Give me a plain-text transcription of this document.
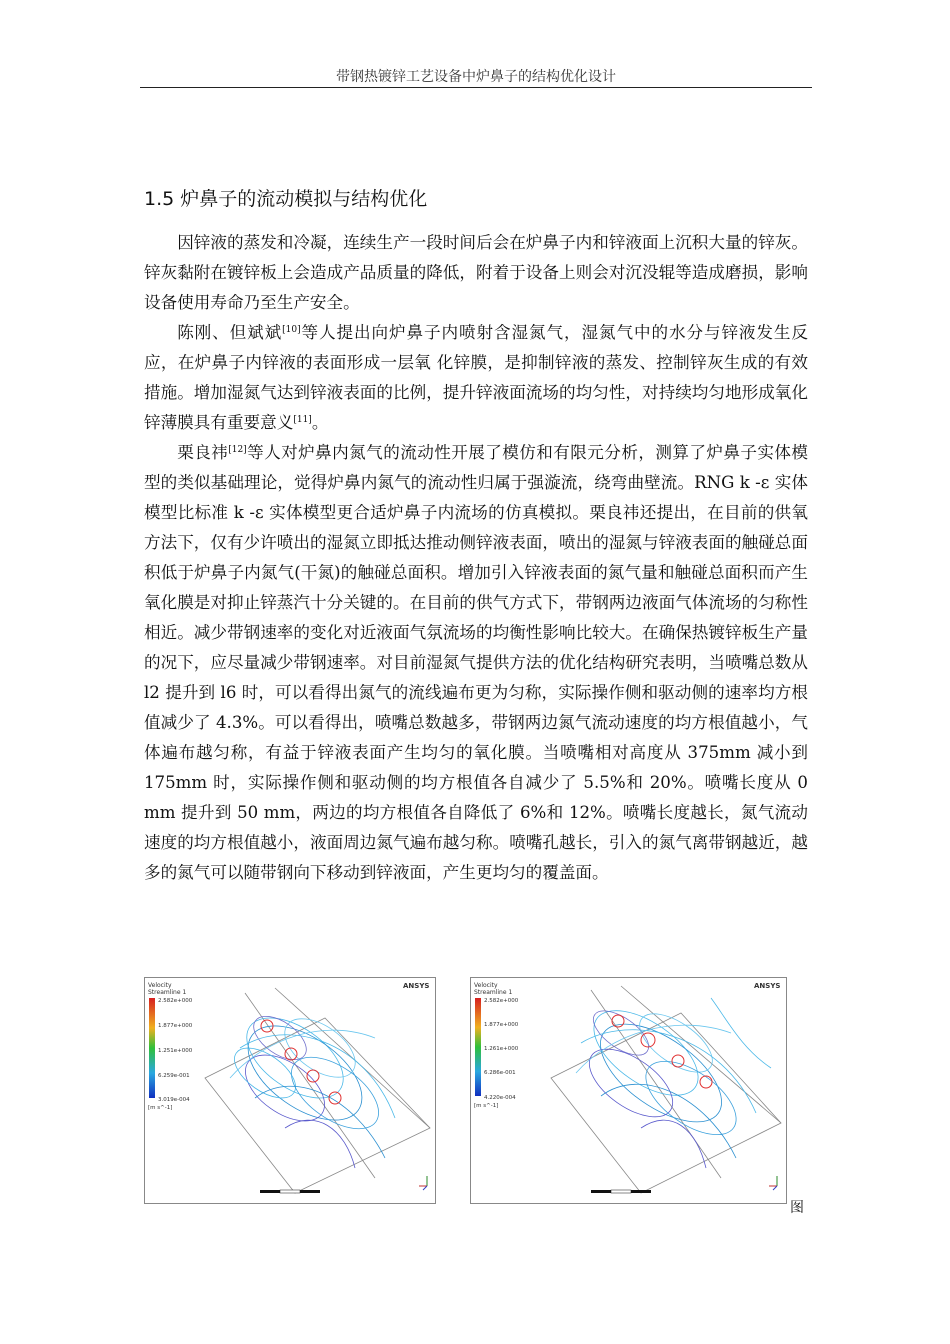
带钢热镀锌工艺设备中炉鼻子的结构优化设计
1.5 炉鼻子的流动模拟与结构优化

因锌液的蒸发和冷凝，连续生产一段时间后会在炉鼻子内和锌液面上沉积大量的锌灰。锌灰黏附在镀锌板上会造成产品质量的降低，附着于设备上则会对沉没辊等造成磨损，影响设备使用寿命乃至生产安全。

陈刚、但斌斌[10]等人提出向炉鼻子内喷射含湿氮气，湿氮气中的水分与锌液发生反应，在炉鼻子内锌液的表面形成一层氧 化锌膜，是抑制锌液的蒸发、控制锌灰生成的有效措施。增加湿氮气达到锌液表面的比例，提升锌液面流场的均匀性，对持续均匀地形成氧化锌薄膜具有重要意义[11]。

栗良祎[12]等人对炉鼻内氮气的流动性开展了模仿和有限元分析，测算了炉鼻子实体模型的类似基础理论，觉得炉鼻内氮气的流动性归属于强漩流，绕弯曲壁流。RNG k -ε 实体模型比标准 k -ε 实体模型更合适炉鼻子内流场的仿真模拟。栗良祎还提出，在目前的供氧方法下，仅有少许喷出的湿氮立即抵达推动侧锌液表面，喷出的湿氮与锌液表面的触碰总面积低于炉鼻子内氮气(干氮)的触碰总面积。增加引入锌液表面的氮气量和触碰总面积而产生氧化膜是对抑止锌蒸汽十分关键的。在目前的供气方式下，带钢两边液面气体流场的匀称性相近。减少带钢速率的变化对近液面气氛流场的均衡性影响比较大。在确保热镀锌板生产量的况下，应尽量减少带钢速率。对目前湿氮气提供方法的优化结构研究表明，当喷嘴总数从 l2 提升到 l6 时，可以看得出氮气的流线遍布更为匀称，实际操作侧和驱动侧的速率均方根值减少了 4.3%。可以看得出，喷嘴总数越多，带钢两边氮气流动速度的均方根值越小，气体遍布越匀称，有益于锌液表面产生均匀的氧化膜。当喷嘴相对高度从 375mm 减小到 175mm 时，实际操作侧和驱动侧的均方根值各自减少了 5.5%和 20%。喷嘴长度从 0 mm 提升到 50 mm，两边的均方根值各自降低了 6%和 12%。喷嘴长度越长，氮气流动速度的均方根值越小，液面周边氮气遍布越匀称。喷嘴孔越长，引入的氮气离带钢越近，越多的氮气可以随带钢向下移动到锌液面，产生更均匀的覆盖面。

Velocity
Streamline 1
2.582e+000
1.877e+000
1.251e+000
6.259e-001
3.019e-004
[m s^-1]
ANSYS	Velocity
Streamline 1
2.582e+000
1.877e+000
1.261e+000
6.286e-001
4.220e-004
[m s^-1]
ANSYS
图
